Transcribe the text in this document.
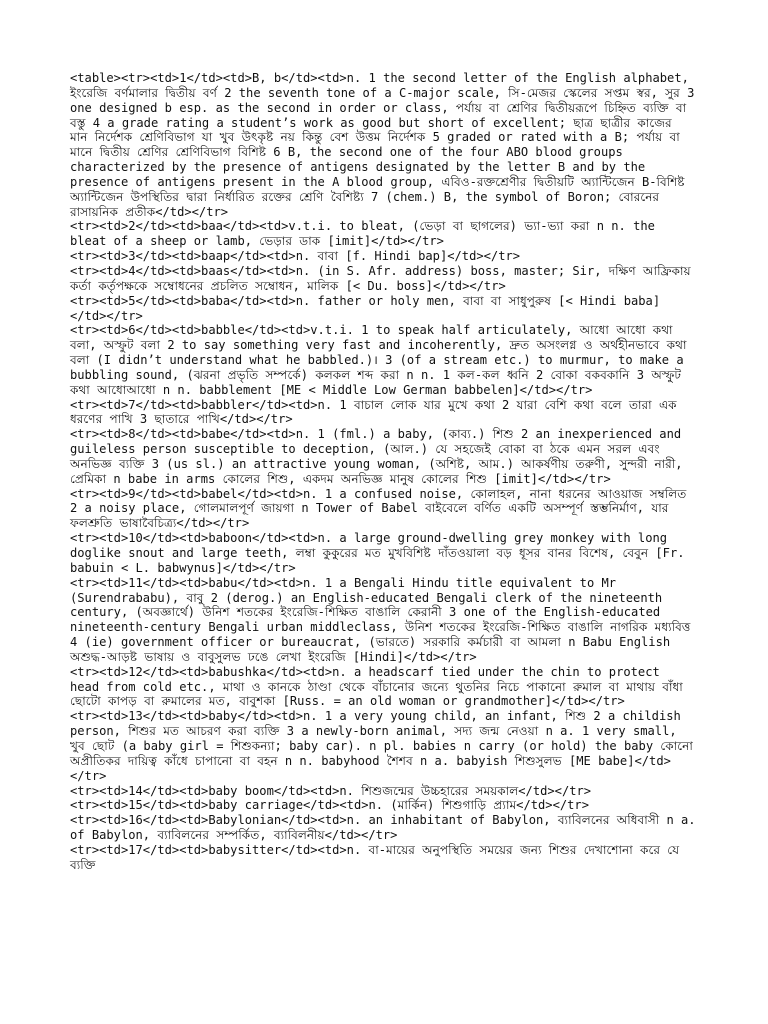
<table><tr><td>1</td><td>B, b</td><td>n. 1 the second letter of the English alphabet, ইংরেজি বর্ণমালার দ্বিতীয় বর্ণ 2 the seventh tone of a C-major scale, সি-মেজর স্কেলের সপ্তম স্বর, সুর 3 one designed b esp. as the second in order or class, পর্যায় বা শ্রেণির দ্বিতীয়রূপে চিহ্নিত ব্যক্তি বা বস্তু 4 a grade rating a student’s work as good but short of excellent; ছাত্র ছাত্রীর কাজের মান নির্দেশক শ্রেণিবিভাগ যা খুব উৎকৃষ্ট নয় কিন্তু বেশ উত্তম নির্দেশক 5 graded or rated with a B; পর্যায় বা মানে দ্বিতীয় শ্রেণির শ্রেণিবিভাগ বিশিষ্ট 6 B, the second one of the four ABO blood groups characterized by the presence of antigens designated by the letter B and by the presence of antigens present in the A blood group, এবিও-রক্তশ্রেণীর দ্বিতীয়টি অ্যান্টিজেন B-বিশিষ্ট অ্যান্টিজেন উপস্থিতির দ্বারা নির্ধারিত রক্তের শ্রেণি বৈশিষ্ট্য 7 (chem.) B, the symbol of Boron; বোরনের রাসায়নিক প্রতীক</td></tr>
<tr><td>2</td><td>baa</td><td>v.t.i. to bleat, (ভেড়া বা ছাগলের) ভ্যা-ভ্যা করা n n. the bleat of a sheep or lamb, ভেড়ার ডাক [imit]</td></tr>
<tr><td>3</td><td>baap</td><td>n. বাবা [f. Hindi bap]</td></tr>
<tr><td>4</td><td>baas</td><td>n. (in S. Afr. address) boss, master; Sir, দক্ষিণ আফ্রিকায় কর্তা কর্তৃপক্ষকে সম্বোধনের প্রচলিত সম্বোধন, মালিক [< Du. boss]</td></tr>
<tr><td>5</td><td>baba</td><td>n. father or holy men, বাবা বা সাধুপুরুষ [< Hindi baba]</td></tr>
<tr><td>6</td><td>babble</td><td>v.t.i. 1 to speak half articulately, আধো আধো কথা বলা, অস্ফুট বলা 2 to say something very fast and incoherently, দ্রুত অসংলগ্ন ও অর্থহীনভাবে কথা বলা (I didn’t understand what he babbled.)। 3 (of a stream etc.) to murmur, to make a bubbling sound, (ঝরনা প্রভৃতি সম্পর্কে) কলকল শব্দ করা n n. 1 কল-কল ধ্বনি 2 বোকা বকবকানি 3 অস্ফুট কথা আধোআধো n n. babblement [ME < Middle Low German babbelen]</td></tr>
<tr><td>7</td><td>babbler</td><td>n. 1 বাচাল লোক যার মুখে কথা 2 যারা বেশি কথা বলে তারা এক ধরণের পাখি 3 ছাতারে পাখি</td></tr>
<tr><td>8</td><td>babe</td><td>n. 1 (fml.) a baby, (কাব্য.) শিশু 2 an inexperienced and guileless person susceptible to deception, (আল.) যে সহজেই বোকা বা ঠকে এমন সরল এবং অনভিজ্ঞ ব্যক্তি 3 (us sl.) an attractive young woman, (অশিষ্ট, আম.) আকর্ষণীয় তরুণী, সুন্দরী নারী, প্রেমিকা n babe in arms কোলের শিশু, একদম অনভিজ্ঞ মানুষ কোলের শিশু [imit]</td></tr>
<tr><td>9</td><td>babel</td><td>n. 1 a confused noise, কোলাহল, নানা ধরনের আওয়াজ সম্বলিত 2 a noisy place, গোলমালপূর্ণ জায়গা n Tower of Babel বাইবেলে বর্ণিত একটি অসম্পূর্ণ স্তম্ভনির্মাণ, যার ফলশ্রুতি ভাষাবৈচিত্র্য</td></tr>
<tr><td>10</td><td>baboon</td><td>n. a large ground-dwelling grey monkey with long doglike snout and large teeth, লম্বা কুকুরের মত মুখবিশিষ্ট দাঁতওয়ালা বড় ধূসর বানর বিশেষ, বেবুন [Fr. babuin < L. babwynus]</td></tr>
<tr><td>11</td><td>babu</td><td>n. 1 a Bengali Hindu title equivalent to Mr (Surendrababu), বাবু 2 (derog.) an English-educated Bengali clerk of the nineteenth century, (অবজ্ঞার্থে) উনিশ শতকের ইংরেজি-শিক্ষিত বাঙালি কেরানী 3 one of the English-educated nineteenth-century Bengali urban middleclass, উনিশ শতকের ইংরেজি-শিক্ষিত বাঙালি নাগরিক মধ্যবিত্ত 4 (ie) government officer or bureaucrat, (ভারতে) সরকারি কর্মচারী বা আমলা n Babu English অশুদ্ধ-আড়ষ্ট ভাষায় ও বাবুসুলভ ঢঙে লেখা ইংরেজি [Hindi]</td></tr>
<tr><td>12</td><td>babushka</td><td>n. a headscarf tied under the chin to protect head from cold etc., মাথা ও কানকে ঠাণ্ডা থেকে বাঁচানোর জন্যে থুতনির নিচে পাকানো রুমাল বা মাথায় বাঁধা ছোটো কাপড় বা রুমালের মত, বাবুশকা [Russ. = an old woman or grandmother]</td></tr>
<tr><td>13</td><td>baby</td><td>n. 1 a very young child, an infant, শিশু 2 a childish person, শিশুর মত আচরণ করা ব্যক্তি 3 a newly-born animal, সদ্য জন্ম নেওয়া n a. 1 very small, খুব ছোট (a baby girl = শিশুকন্যা; baby car). n pl. babies n carry (or hold) the baby কোনো অপ্রীতিকর দায়িত্ব কাঁধে চাপানো বা বহন n n. babyhood শৈশব n a. babyish শিশুসুলভ [ME babe]</td></tr>
<tr><td>14</td><td>baby boom</td><td>n. শিশুজন্মের উচ্চহারের সময়কাল</td></tr>
<tr><td>15</td><td>baby carriage</td><td>n. (মার্কিন) শিশুগাড়ি প্র্যাম</td></tr>
<tr><td>16</td><td>Babylonian</td><td>n. an inhabitant of Babylon, ব্যাবিলনের অধিবাসী n a. of Babylon, ব্যাবিলনের সম্পর্কিত, ব্যাবিলনীয়</td></tr>
<tr><td>17</td><td>babysitter</td><td>n. বা-মায়ের অনুপস্থিতি সময়ের জন্য শিশুর দেখাশোনা করে যে ব্যক্তি
